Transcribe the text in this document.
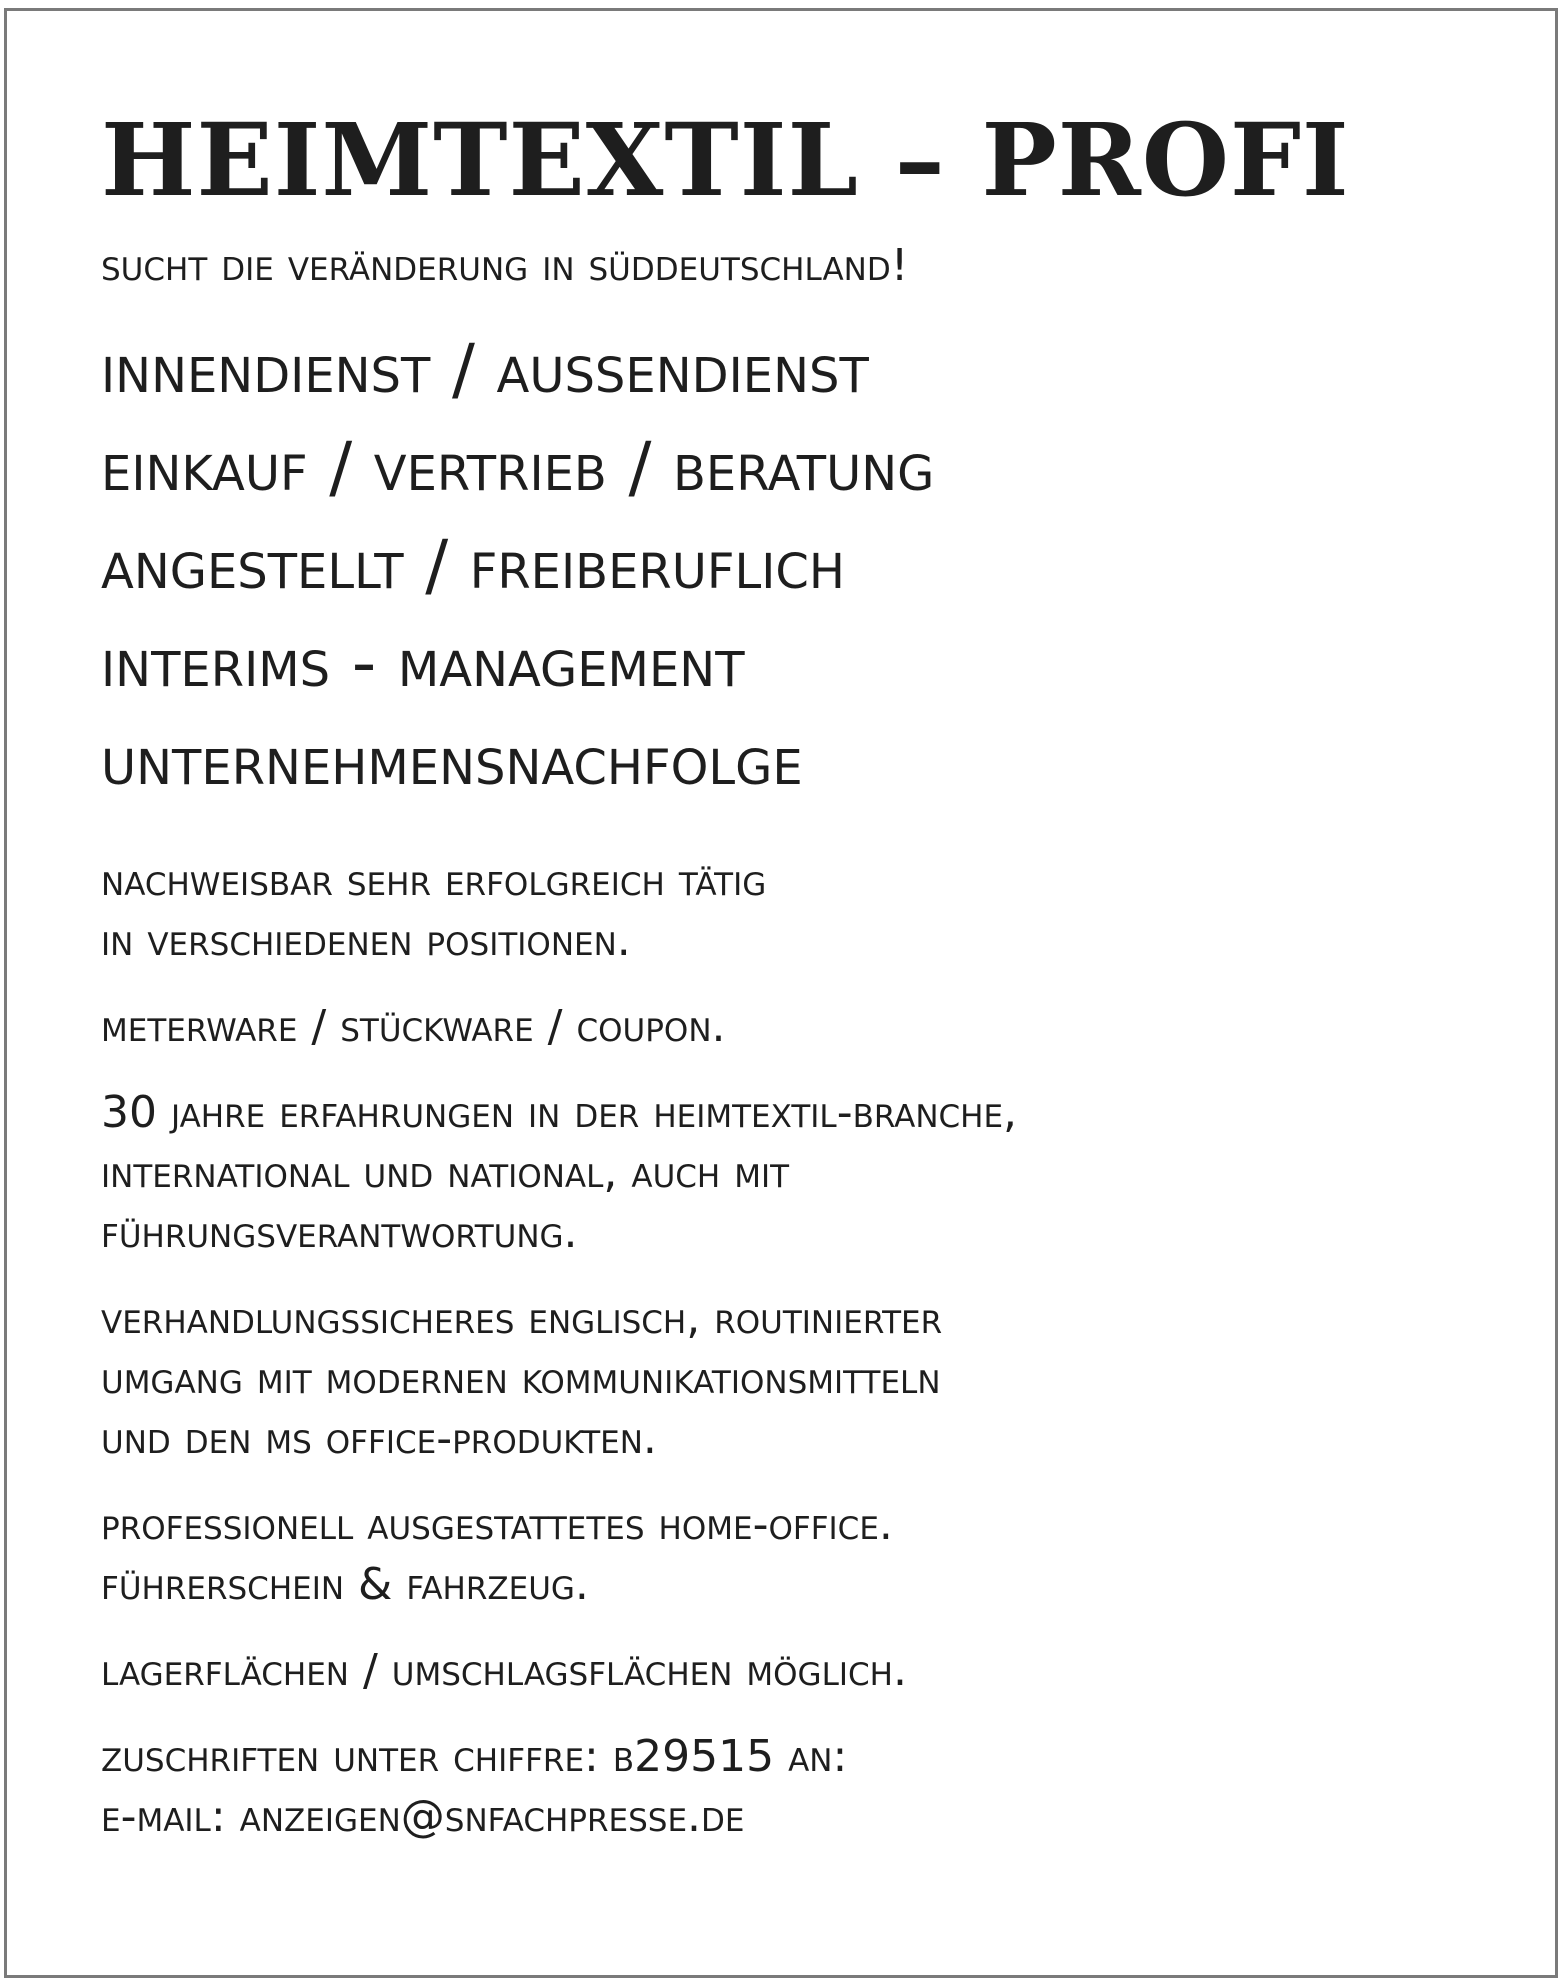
HEIMTEXTIL – PROFI

sucht die veränderung in süddeutschland!

innendienst / aussendienst
einkauf / vertrieb / beratung
angestellt / freiberuflich
interims - management
unternehmensnachfolge
nachweisbar sehr erfolgreich tätig
in verschiedenen positionen.
meterware / stückware / coupon.
30 jahre erfahrungen in der heimtextil-branche,
international und national, auch mit
führungsverantwortung.
verhandlungssicheres englisch, routinierter
umgang mit modernen kommunikationsmitteln
und den ms office-produkten.
professionell ausgestattetes home-office.
führerschein & fahrzeug.
lagerflächen / umschlagsflächen möglich.
zuschriften unter chiffre: b29515 an:
e-mail: anzeigen@snfachpresse.de
